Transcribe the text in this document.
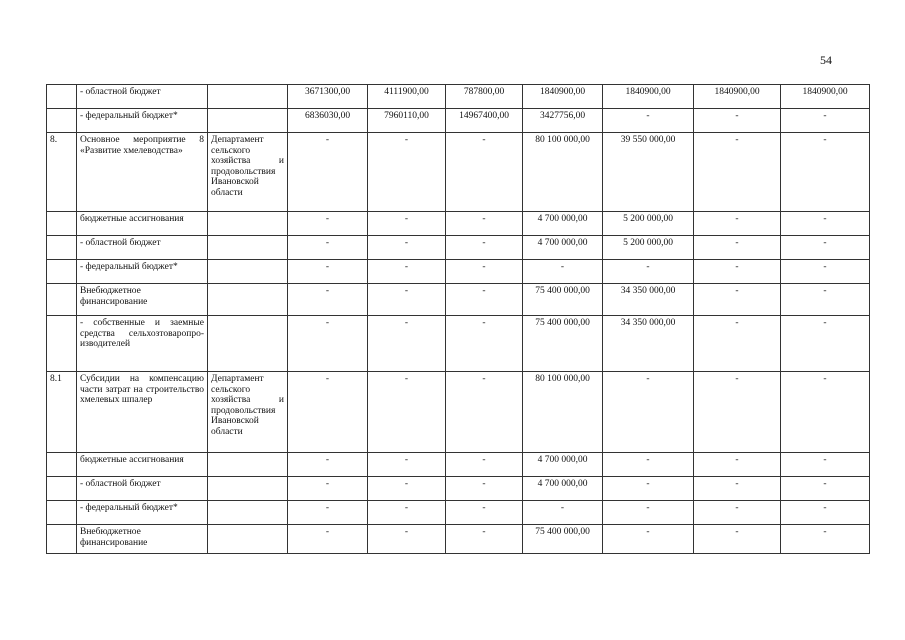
54
	- областной бюджет		3671300,00	4111900,00	787800,00	1840900,00	1840900,00	1840900,00	1840900,00
	- федеральный бюджет*		6836030,00	7960110,00	14967400,00	3427756,00	-	-	-
8.	Основное мероприятие 8 «Развитие хмелеводства»	Департамент сельского хозяйства и продовольствия Ивановской области	-	-	-	80 100 000,00	39 550 000,00	-	-
	бюджетные ассигнования		-	-	-	4 700 000,00	5 200 000,00	-	-
	- областной бюджет		-	-	-	4 700 000,00	5 200 000,00	-	-
	- федеральный бюджет*		-	-	-	-	-	-	-
	Внебюджетное финансирование		-	-	-	75 400 000,00	34 350 000,00	-	-
	- собственные и заемные средства сельхозтоваропро-изводителей		-	-	-	75 400 000,00	34 350 000,00	-	-
8.1	Субсидии на компенсацию части затрат на строительство хмелевых шпалер	Департамент сельского хозяйства и продовольствия Ивановской области	-	-	-	80 100 000,00	-	-	-
	бюджетные ассигнования		-	-	-	4 700 000,00	-	-	-
	- областной бюджет		-	-	-	4 700 000,00	-	-	-
	- федеральный бюджет*		-	-	-	-	-	-	-
	Внебюджетное финансирование		-	-	-	75 400 000,00	-	-	-
